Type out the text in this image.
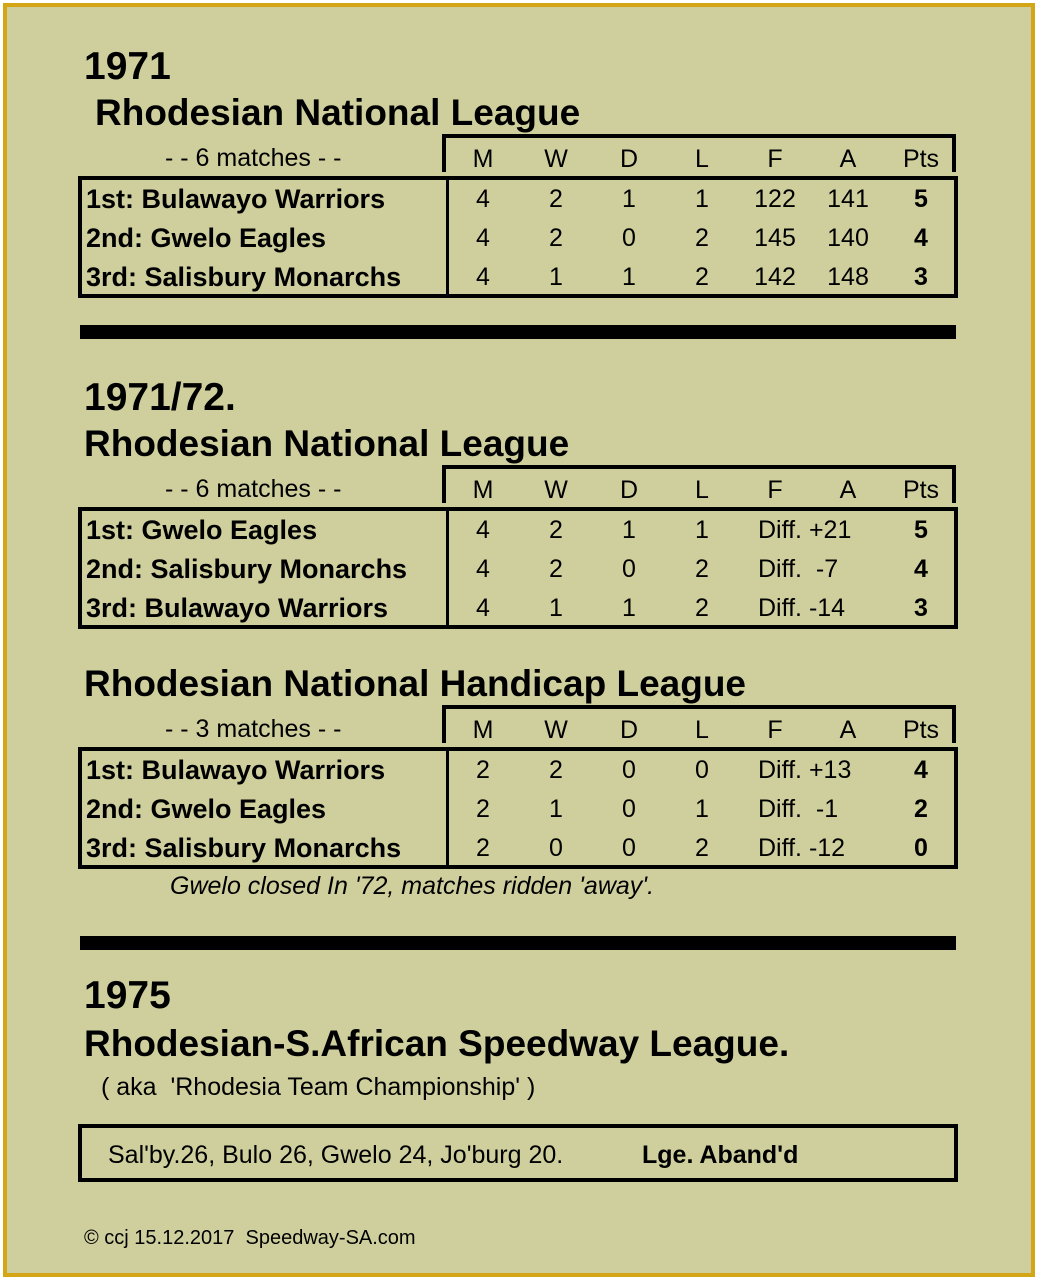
1971
Rhodesian National League
- - 6 matches - -	M	W	D	L	F	A	Pts
1st: Bulawayo Warriors	4	2	1	1	122	141	5
2nd: Gwelo Eagles	4	2	0	2	145	140	4
3rd: Salisbury Monarchs	4	1	1	2	142	148	3
1971/72.
Rhodesian National League
- - 6 matches - -	M	W	D	L	F	A	Pts
1st: Gwelo Eagles	4	2	1	1	Diff. +21	5
2nd: Salisbury Monarchs	4	2	0	2	Diff.  -7	4
3rd: Bulawayo Warriors	4	1	1	2	Diff. -14	3
Rhodesian National Handicap League
- - 3 matches - -	M	W	D	L	F	A	Pts
1st: Bulawayo Warriors	2	2	0	0	Diff. +13	4
2nd: Gwelo Eagles	2	1	0	1	Diff.  -1	2
3rd: Salisbury Monarchs	2	0	0	2	Diff. -12	0
Gwelo closed In '72, matches ridden 'away'.
1975
Rhodesian-S.African Speedway League.
( aka  'Rhodesia Team Championship' )
Sal'by.26, Bulo 26, Gwelo 24, Jo'burg 20.	Lge. Aband'd
© ccj 15.12.2017  Speedway-SA.com
